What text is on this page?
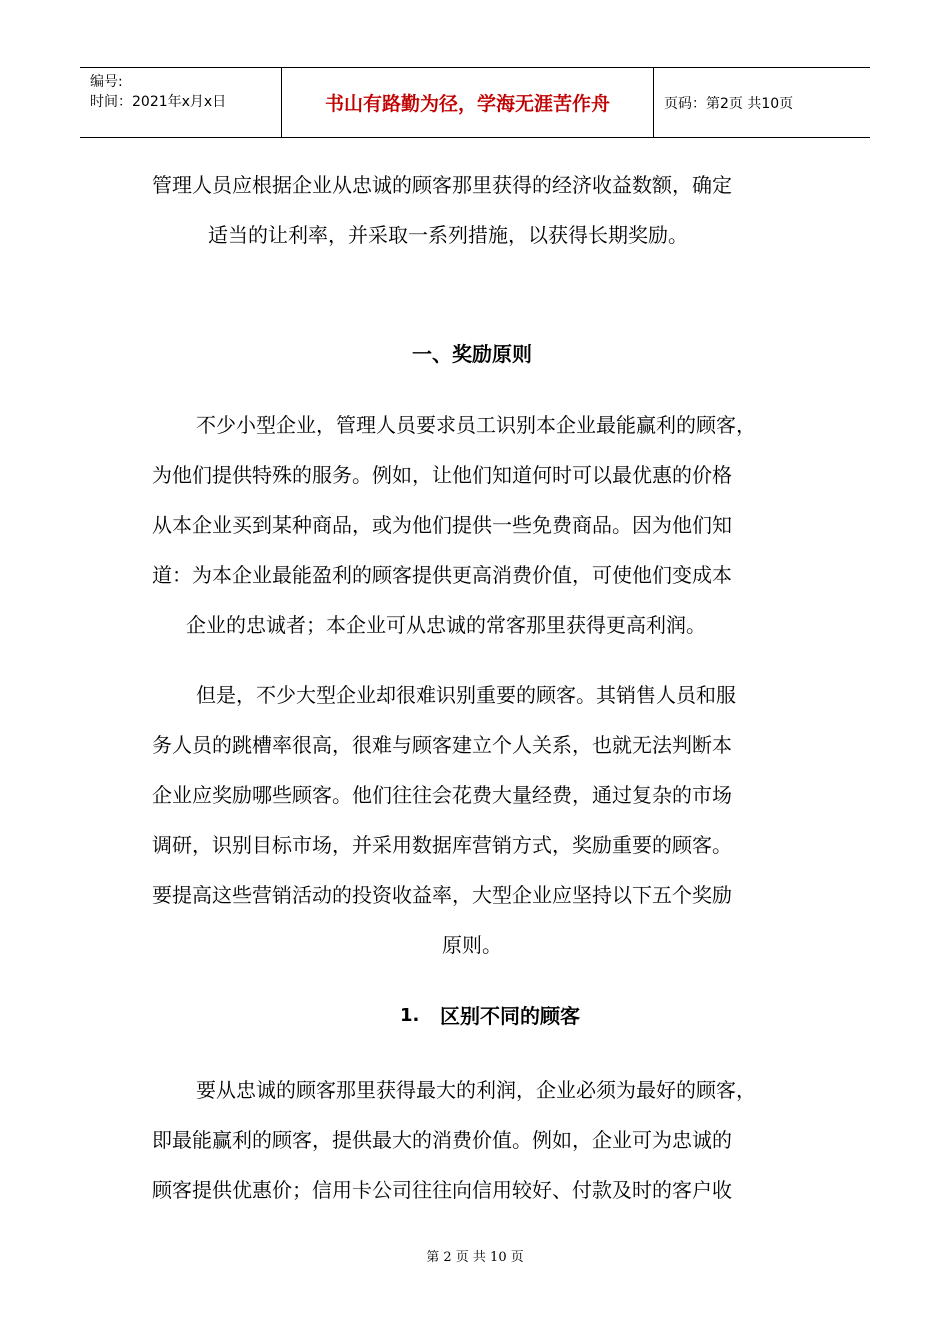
编号:
时间：2021年x月x日	书山有路勤为径，学海无涯苦作舟	页码：第2页 共10页
管理人员应根据企业从忠诚的顾客那里获得的经济收益数额，确定
适当的让利率，并采取一系列措施，以获得长期奖励。
一、奖励原则
不少小型企业，管理人员要求员工识别本企业最能赢利的顾客，
为他们提供特殊的服务。例如，让他们知道何时可以最优惠的价格
从本企业买到某种商品，或为他们提供一些免费商品。因为他们知
道：为本企业最能盈利的顾客提供更高消费价值，可使他们变成本
企业的忠诚者；本企业可从忠诚的常客那里获得更高利润。
但是，不少大型企业却很难识别重要的顾客。其销售人员和服
务人员的跳槽率很高，很难与顾客建立个人关系，也就无法判断本
企业应奖励哪些顾客。他们往往会花费大量经费，通过复杂的市场
调研，识别目标市场，并采用数据库营销方式，奖励重要的顾客。
要提高这些营销活动的投资收益率，大型企业应坚持以下五个奖励
原则。
1. 区别不同的顾客
要从忠诚的顾客那里获得最大的利润，企业必须为最好的顾客，
即最能赢利的顾客，提供最大的消费价值。例如，企业可为忠诚的
顾客提供优惠价；信用卡公司往往向信用较好、付款及时的客户收
第 2 页 共 10 页
